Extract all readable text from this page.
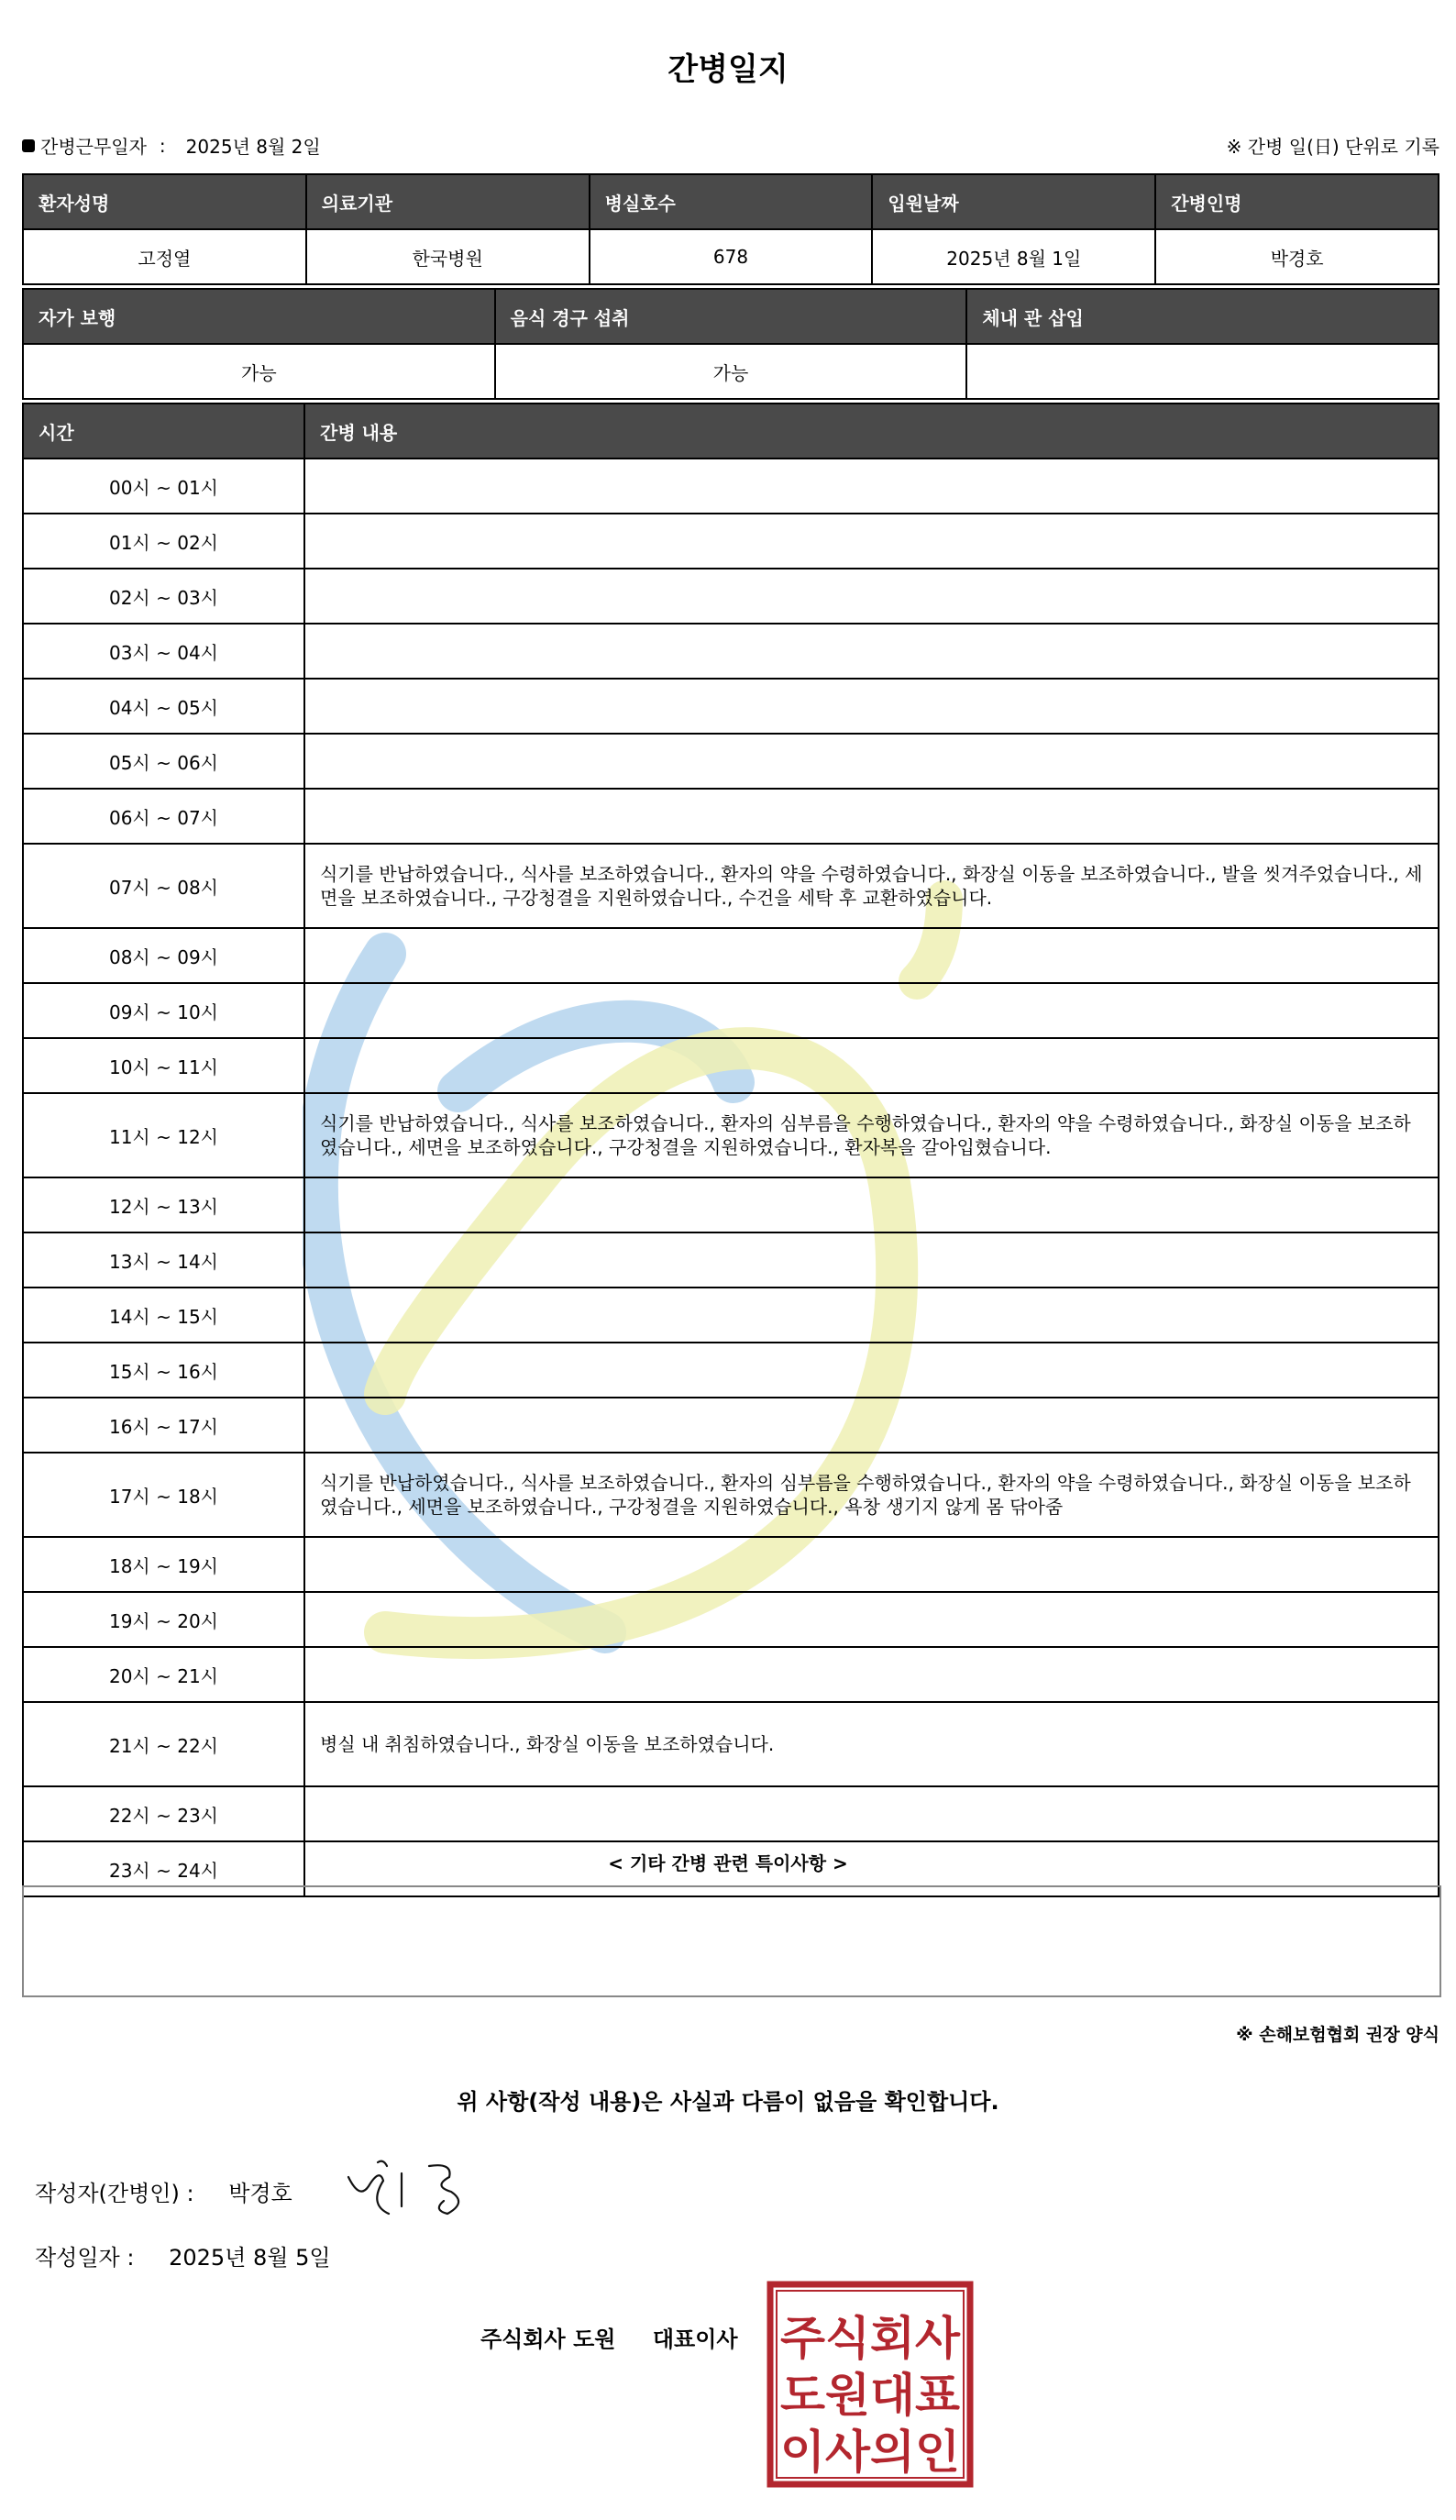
간병일지
간병근무일자 : 2025년 8월 2일	※ 간병 일(日) 단위로 기록
환자성명	의료기관	병실호수	입원날짜	간병인명
고정열	한국병원	678	2025년 8월 1일	박경호
자가 보행	음식 경구 섭취	체내 관 삽입
가능	가능	
시간	간병 내용
00시 ~ 01시	
01시 ~ 02시	
02시 ~ 03시	
03시 ~ 04시	
04시 ~ 05시	
05시 ~ 06시	
06시 ~ 07시	
07시 ~ 08시	식기를 반납하였습니다., 식사를 보조하였습니다., 환자의 약을 수령하였습니다., 화장실 이동을 보조하였습니다., 발을 씻겨주었습니다., 세면을 보조하였습니다., 구강청결을 지원하였습니다., 수건을 세탁 후 교환하였습니다.
08시 ~ 09시	
09시 ~ 10시	
10시 ~ 11시	
11시 ~ 12시	식기를 반납하였습니다., 식사를 보조하였습니다., 환자의 심부름을 수행하였습니다., 환자의 약을 수령하였습니다., 화장실 이동을 보조하였습니다., 세면을 보조하였습니다., 구강청결을 지원하였습니다., 환자복을 갈아입혔습니다.
12시 ~ 13시	
13시 ~ 14시	
14시 ~ 15시	
15시 ~ 16시	
16시 ~ 17시	
17시 ~ 18시	식기를 반납하였습니다., 식사를 보조하였습니다., 환자의 심부름을 수행하였습니다., 환자의 약을 수령하였습니다., 화장실 이동을 보조하였습니다., 세면을 보조하였습니다., 구강청결을 지원하였습니다., 욕창 생기지 않게 몸 닦아줌
18시 ~ 19시	
19시 ~ 20시	
20시 ~ 21시	
21시 ~ 22시	병실 내 취침하였습니다., 화장실 이동을 보조하였습니다.
22시 ~ 23시	
23시 ~ 24시		< 기타 간병 관련 특이사항 >
※ 손해보험협회 권장 양식
위 사항(작성 내용)은 사실과 다름이 없음을 확인합니다.
작성자(간병인) : 박경호
작성일자 : 2025년 8월 5일
주식회사 도원 대표이사 주식회사
도원대표
이사의인
